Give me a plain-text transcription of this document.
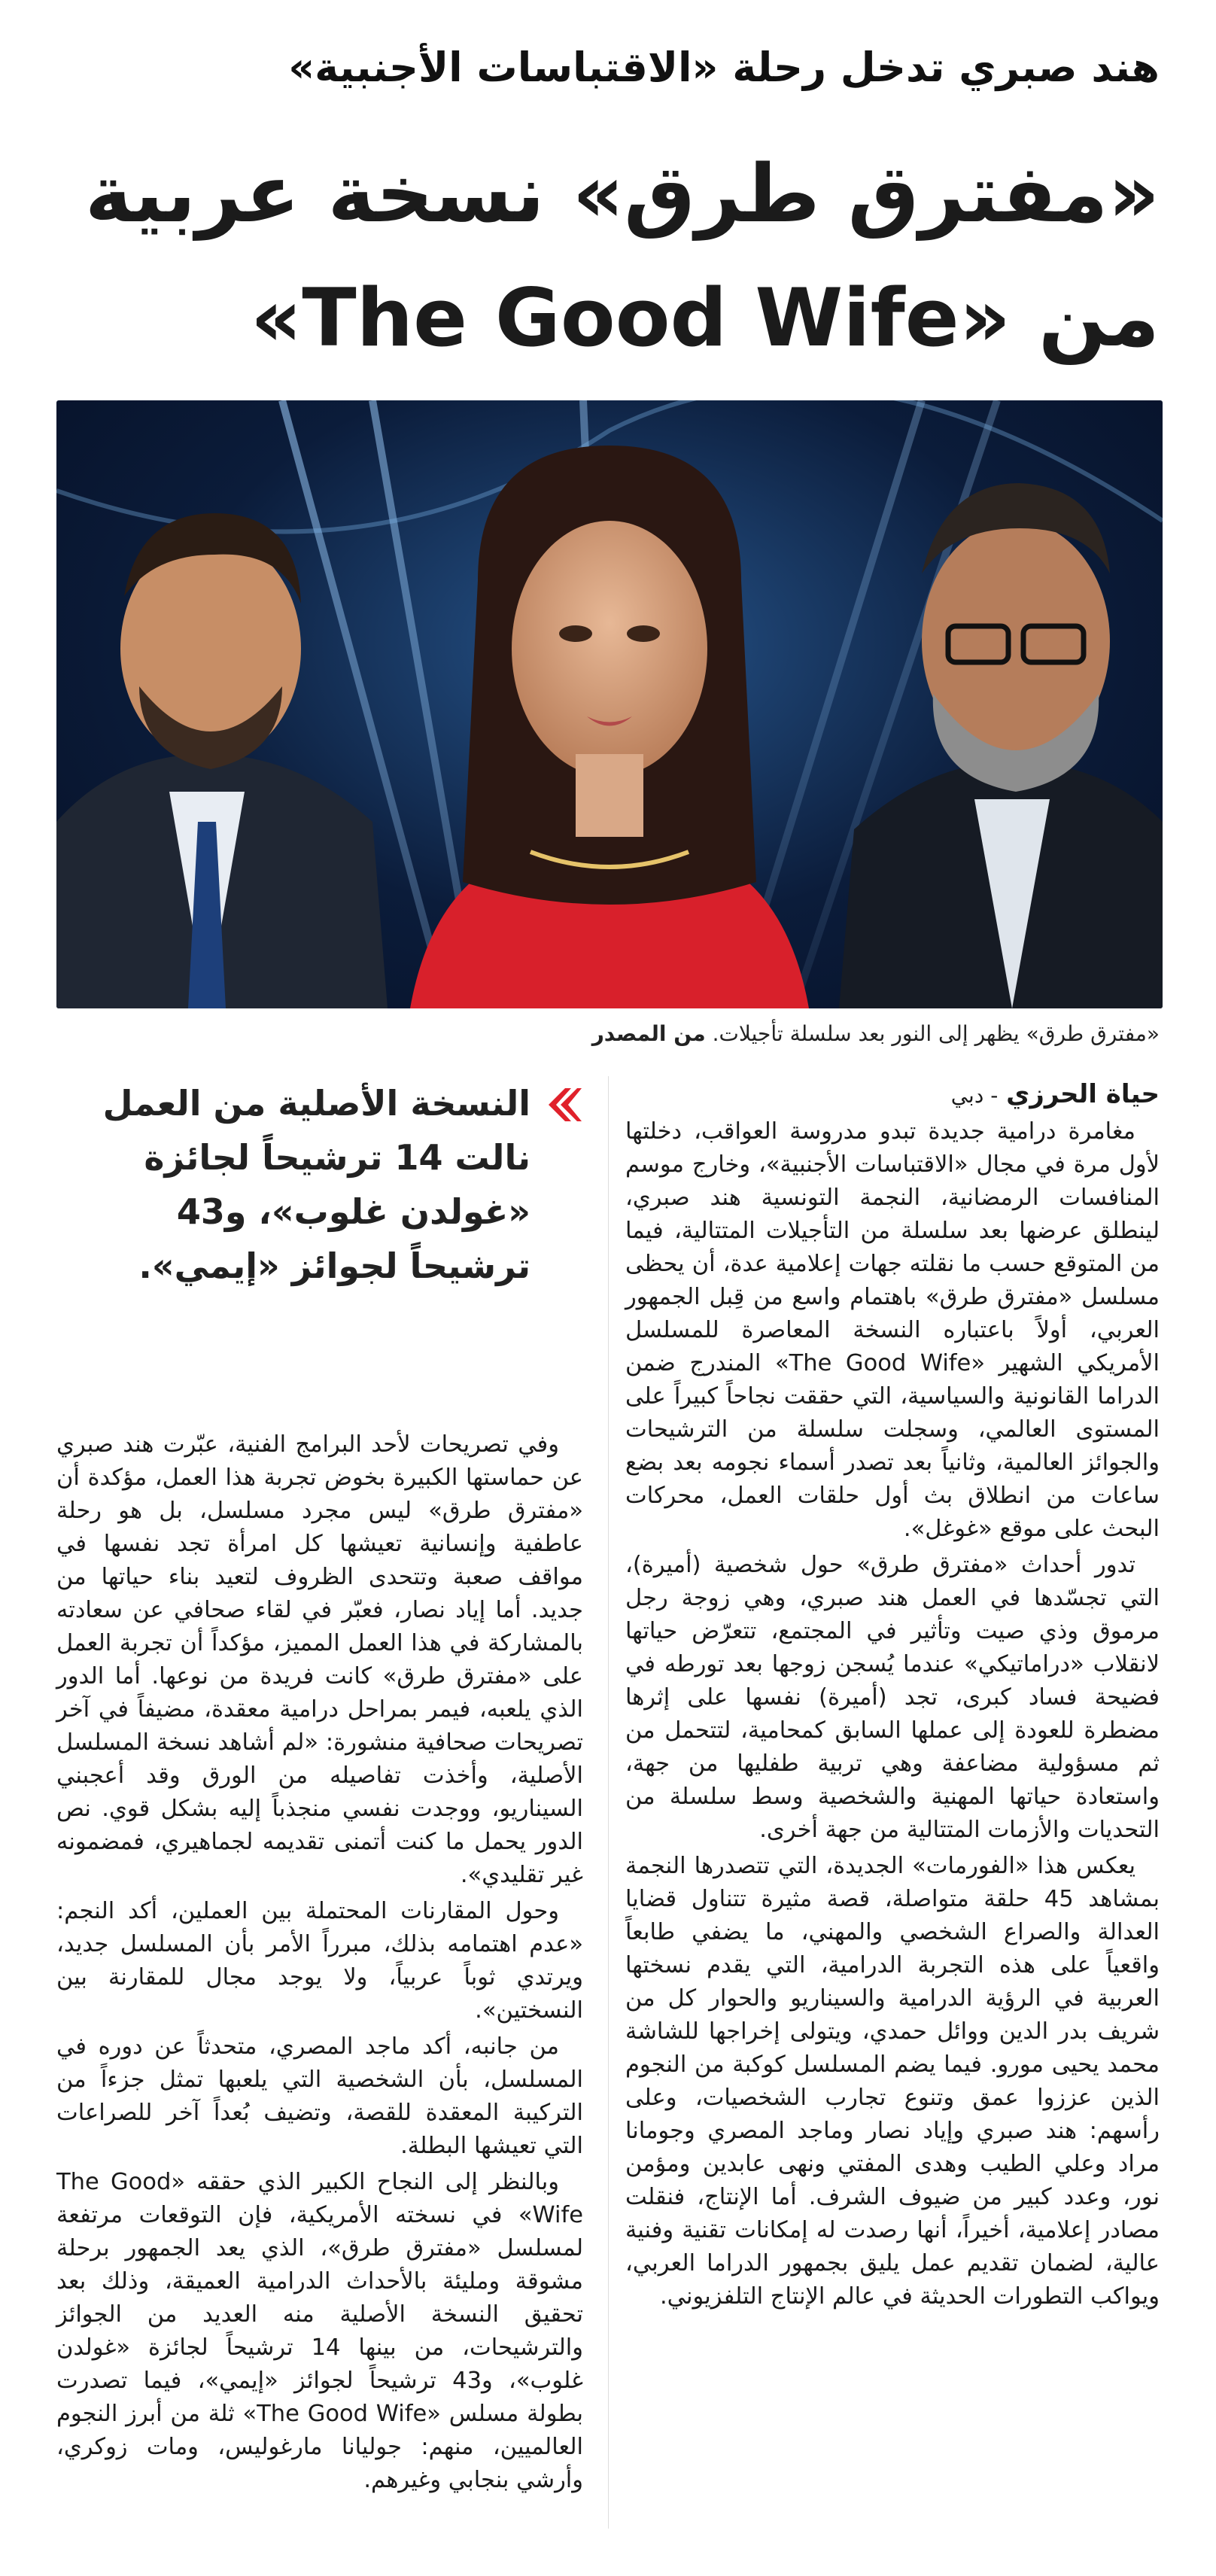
هند صبري تدخل رحلة «الاقتباسات الأجنبية»
«مفترق طرق» نسخة عربية
من «The Good Wife»
«مفترق طرق» يظهر إلى النور بعد سلسلة تأجيلات. من المصدر
حياة الحرزي - دبي

مغامرة درامية جديدة تبدو مدروسة العواقب، دخلتها لأول مرة في مجال «الاقتباسات الأجنبية»، وخارج موسم المنافسات الرمضانية، النجمة التونسية هند صبري، لينطلق عرضها بعد سلسلة من التأجيلات المتتالية، فيما من المتوقع حسب ما نقلته جهات إعلامية عدة، أن يحظى مسلسل «مفترق طرق» باهتمام واسع من قِبل الجمهور العربي، أولاً باعتباره النسخة المعاصرة للمسلسل الأمريكي الشهير «The Good Wife» المندرج ضمن الدراما القانونية والسياسية، التي حققت نجاحاً كبيراً على المستوى العالمي، وسجلت سلسلة من الترشيحات والجوائز العالمية، وثانياً بعد تصدر أسماء نجومه بعد بضع ساعات من انطلاق بث أول حلقات العمل، محركات البحث على موقع «غوغل».

تدور أحداث «مفترق طرق» حول شخصية (أميرة)، التي تجسّدها في العمل هند صبري، وهي زوجة رجل مرموق وذي صيت وتأثير في المجتمع، تتعرّض حياتها لانقلاب «دراماتيكي» عندما يُسجن زوجها بعد تورطه في فضيحة فساد كبرى، تجد (أميرة) نفسها على إثرها مضطرة للعودة إلى عملها السابق كمحامية، لتتحمل من ثم مسؤولية مضاعفة وهي تربية طفليها من جهة، واستعادة حياتها المهنية والشخصية وسط سلسلة من التحديات والأزمات المتتالية من جهة أخرى.

يعكس هذا «الفورمات» الجديدة، التي تتصدرها النجمة بمشاهد 45 حلقة متواصلة، قصة مثيرة تتناول قضايا العدالة والصراع الشخصي والمهني، ما يضفي طابعاً واقعياً على هذه التجربة الدرامية، التي يقدم نسختها العربية في الرؤية الدرامية والسيناريو والحوار كل من شريف بدر الدين ووائل حمدي، ويتولى إخراجها للشاشة محمد يحيى مورو. فيما يضم المسلسل كوكبة من النجوم الذين عززوا عمق وتنوع تجارب الشخصيات، وعلى رأسهم: هند صبري وإياد نصار وماجد المصري وجومانا مراد وعلي الطيب وهدى المفتي ونهى عابدين ومؤمن نور، وعدد كبير من ضيوف الشرف. أما الإنتاج، فنقلت مصادر إعلامية، أخيراً، أنها رصدت له إمكانات تقنية وفنية عالية، لضمان تقديم عمل يليق بجمهور الدراما العربي، ويواكب التطورات الحديثة في عالم الإنتاج التلفزيوني.

النسخة الأصلية من العمل نالت 14 ترشيحاً لجائزة «غولدن غلوب»، و43 ترشيحاً لجوائز «إيمي».

وفي تصريحات لأحد البرامج الفنية، عبّرت هند صبري عن حماستها الكبيرة بخوض تجربة هذا العمل، مؤكدة أن «مفترق طرق» ليس مجرد مسلسل، بل هو رحلة عاطفية وإنسانية تعيشها كل امرأة تجد نفسها في مواقف صعبة وتتحدى الظروف لتعيد بناء حياتها من جديد. أما إياد نصار، فعبّر في لقاء صحافي عن سعادته بالمشاركة في هذا العمل المميز، مؤكداً أن تجربة العمل على «مفترق طرق» كانت فريدة من نوعها. أما الدور الذي يلعبه، فيمر بمراحل درامية معقدة، مضيفاً في آخر تصريحات صحافية منشورة: «لم أشاهد نسخة المسلسل الأصلية، وأخذت تفاصيله من الورق وقد أعجبني السيناريو، ووجدت نفسي منجذباً إليه بشكل قوي. نص الدور يحمل ما كنت أتمنى تقديمه لجماهيري، فمضمونه غير تقليدي».

وحول المقارنات المحتملة بين العملين، أكد النجم: «عدم اهتمامه بذلك، مبرراً الأمر بأن المسلسل جديد، ويرتدي ثوباً عربياً، ولا يوجد مجال للمقارنة بين النسختين».

من جانبه، أكد ماجد المصري، متحدثاً عن دوره في المسلسل، بأن الشخصية التي يلعبها تمثل جزءاً من التركيبة المعقدة للقصة، وتضيف بُعداً آخر للصراعات التي تعيشها البطلة.

وبالنظر إلى النجاح الكبير الذي حققه «The Good Wife» في نسخته الأمريكية، فإن التوقعات مرتفعة لمسلسل «مفترق طرق»، الذي يعد الجمهور برحلة مشوقة ومليئة بالأحداث الدرامية العميقة، وذلك بعد تحقيق النسخة الأصلية منه العديد من الجوائز والترشيحات، من بينها 14 ترشيحاً لجائزة «غولدن غلوب»، و43 ترشيحاً لجوائز «إيمي»، فيما تصدرت بطولة مسلس «The Good Wife» ثلة من أبرز النجوم العالميين، منهم: جوليانا مارغوليس، ومات زوكري، وأرشي بنجابي وغيرهم.
